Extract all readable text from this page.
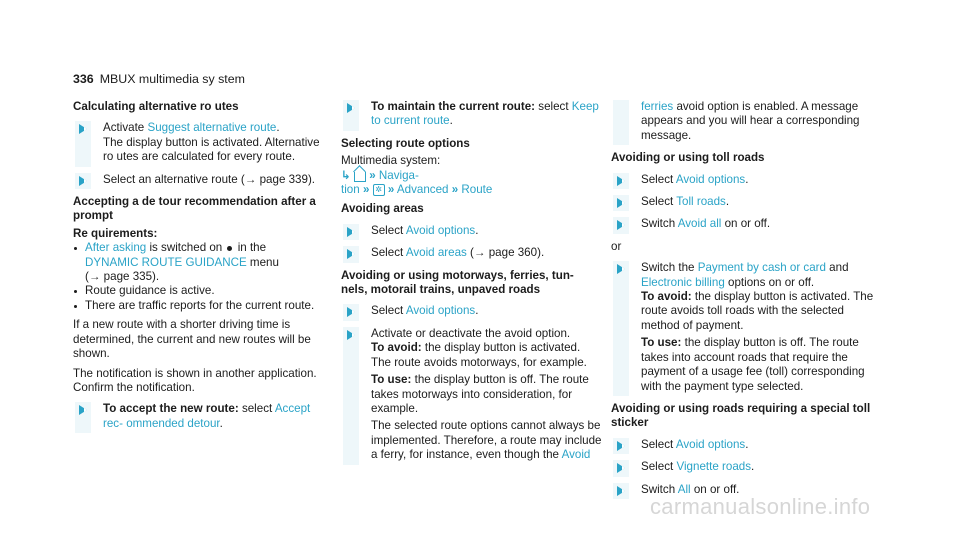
336 MBUX multimedia sy stem
Calculating alternative ro utes

Activate Suggest alternative route.

The display button is activated. Alternative ro utes are calculated for every route.

Select an alternative route (→ page 339).

Accepting a de tour recommendation after a prompt
Re quirements:
After asking is switched on  in the
DYNAMIC ROUTE GUIDANCE menu
(→ page 335).
Route guidance is active.
There are traffic reports for the current route.

If a new route with a shorter driving time is determined, the current and new routes will be shown.

The notification is shown in another application. Confirm the notification.

To accept the new route: select Accept rec‐ ommended detour.

To maintain the current route: select Keep to current route.

Selecting route options

Multimedia system:

↳ » Naviga‐
tion » ✲ » Advanced » Route

Avoiding areas

Select Avoid options.

Select Avoid areas (→ page 360).

Avoiding or using motorways, ferries, tun‐ nels, motorail trains, unpaved roads

Select Avoid options.

Activate or deactivate the avoid option.

To avoid: the display button is activated. The route avoids motorways, for example.

To use: the display button is off. The route takes motorways into consideration, for example.

The selected route options cannot always be implemented. Therefore, a route may include a ferry, for instance, even though the Avoid

ferries avoid option is enabled. A message appears and you will hear a corresponding message.

Avoiding or using toll roads

Select Avoid options.

Select Toll roads.

Switch Avoid all on or off.

or

Switch the Payment by cash or card and Electronic billing options on or off.

To avoid: the display button is activated. The route avoids toll roads with the selected method of payment.

To use: the display button is off. The route takes into account roads that require the payment of a usage fee (toll) corresponding with the payment type selected.

Avoiding or using roads requiring a special toll sticker

Select Avoid options.

Select Vignette roads.

Switch All on or off.

carmanualsonline.info
